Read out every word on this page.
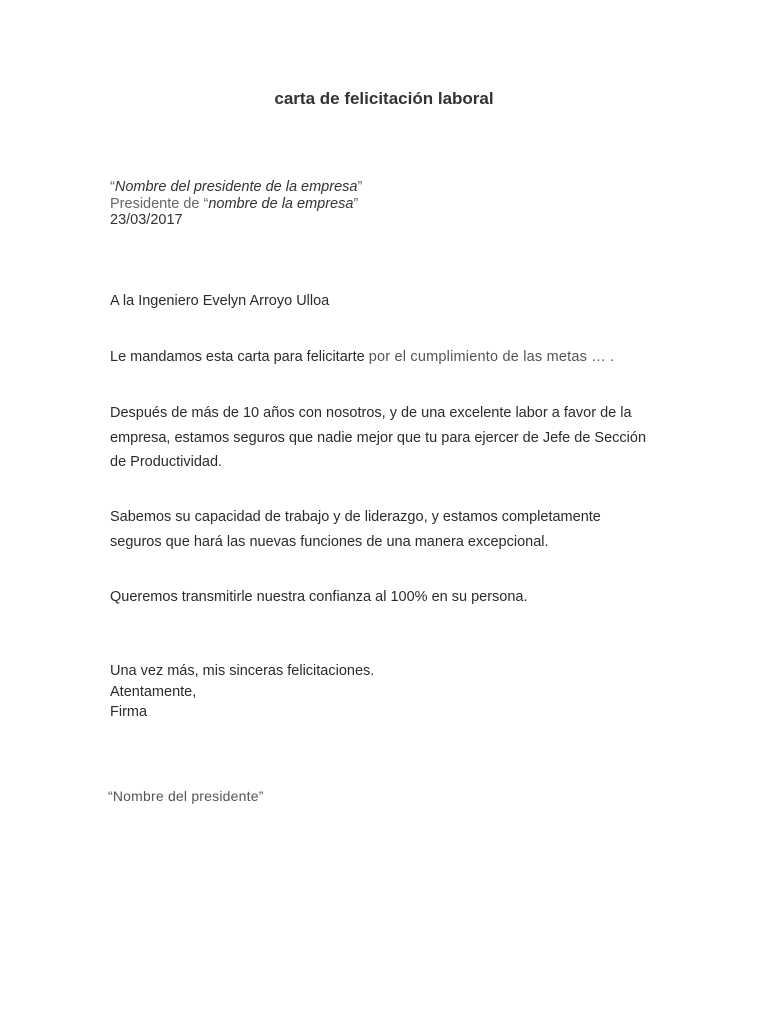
carta de felicitación laboral
“Nombre del presidente de la empresa”
Presidente de “nombre de la empresa”
23/03/2017
A la Ingeniero Evelyn Arroyo Ulloa
Le mandamos esta carta para felicitarte por el cumplimiento de las metas … .
Después de más de 10 años con nosotros, y de una excelente labor a favor de la empresa, estamos seguros que nadie mejor que tu para ejercer de Jefe de Sección de Productividad.
Sabemos su capacidad de trabajo y de liderazgo, y estamos completamente seguros que hará las nuevas funciones de una manera excepcional.
Queremos transmitirle nuestra confianza al 100% en su persona.
Una vez más, mis sinceras felicitaciones.
Atentamente,
Firma
“Nombre del presidente”
